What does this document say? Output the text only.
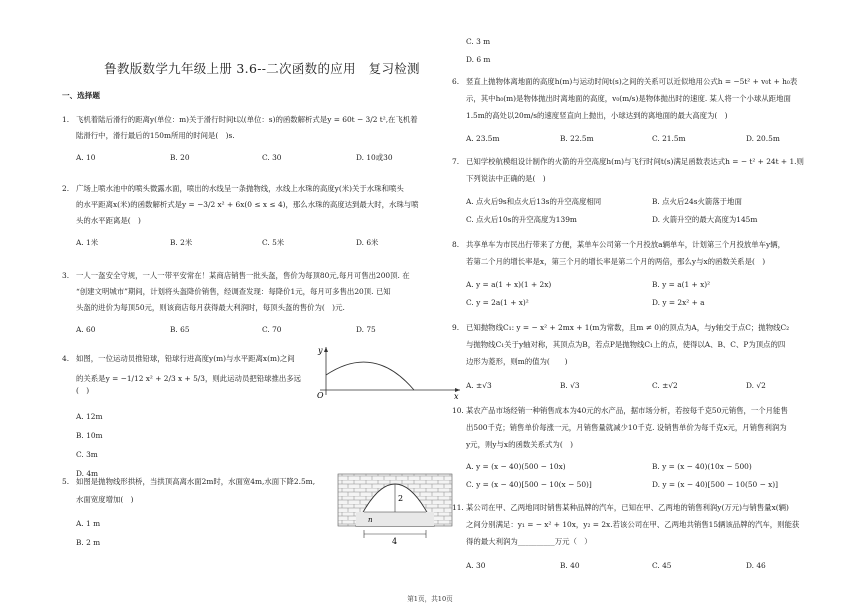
鲁教版数学九年级上册 3.6--二次函数的应用　复习检测
一、选择题
1. 飞机着陆后滑行的距离y(单位：m)关于滑行时间t以(单位：s)的函数解析式是y = 60t − 3/2 t²,在飞机着
陆滑行中，滑行最后的150m所用的时间是(　)s.
A. 10	B. 20	C. 30	D. 10或30
2. 广场上喷水池中的喷头微露水面，喷出的水线呈一条抛物线，水线上水珠的高度y(米)关于水珠和喷头
的水平距离x(米)的函数解析式是y = −3/2 x² + 6x(0 ≤ x ≤ 4)，那么水珠的高度达到最大时，水珠与喷
头的水平距离是(　)
A. 1米	B. 2米	C. 5米	D. 6米
3. 一人一盔安全守规，一人一带平安常在！某商店销售一批头盔，售价为每顶80元,每月可售出200顶. 在
“创建文明城市”期间，计划将头盔降价销售，经调查发现：每降价1元，每月可多售出20顶. 已知
头盔的进价为每顶50元，则该商店每月获得最大利润时，每顶头盔的售价为(　)元.
A. 60	B. 65	C. 70	D. 75
4. 如图，一位运动员推铅球，铅球行进高度y(m)与水平距离x(m)之间
的关系是y = −1/12 x² + 2/3 x + 5/3，则此运动员把铅球推出多远(　)
A. 12m
B. 10m
C. 3m
D. 4m
y
x
O
5. 如图是抛物线形拱桥，当拱顶高离水面2m时，水面宽4m,水面下降2.5m,
水面宽度增加(　)
A. 1 m
B. 2 m
2
n
4
C. 3 m
D. 6 m
6. 竖直上抛物体离地面的高度h(m)与运动时间t(s)之间的关系可以近似地用公式h = −5t² + v₀t + h₀表
示，其中h₀(m)是物体抛出时离地面的高度，v₀(m/s)是物体抛出时的速度. 某人将一个小球从距地面
1.5m的高处以20m/s的速度竖直向上抛出，小球达到的离地面的最大高度为(　)
A. 23.5m	B. 22.5m	C. 21.5m	D. 20.5m
7. 已知学校航模组设计制作的火箭的升空高度h(m)与飞行时间t(s)满足函数表达式h = − t² + 24t + 1.则
下列说法中正确的是(　)
A. 点火后9s和点火后13s的升空高度相同	B. 点火后24s火箭落于地面
C. 点火后10s的升空高度为139m	D. 火箭升空的最大高度为145m
8. 共享单车为市民出行带来了方便，某单车公司第一个月投放a辆单车，计划第三个月投放单车y辆，
若第二个月的增长率是x，第三个月的增长率是第二个月的两倍，那么y与x的函数关系是(　)
A. y = a(1 + x)(1 + 2x)	B. y = a(1 + x)²
C. y = 2a(1 + x)²	D. y = 2x² + a
9. 已知抛物线C₁: y = − x² + 2mx + 1(m为常数，且m ≠ 0)的顶点为A，与y轴交于点C；抛物线C₂
与抛物线C₁关于y轴对称，其顶点为B，若点P是抛物线C₁上的点，使得以A、B、C、P为顶点的四
边形为菱形，则m的值为(　　)
A. ±√3	B. √3	C. ±√2	D. √2
10. 某农产品市场经销一种销售成本为40元的水产品，据市场分析，若按每千克50元销售，一个月能售
出500千克；销售单价每涨一元，月销售量就减少10千克. 设销售单价为每千克x元，月销售利润为
y元，则y与x的函数关系式为(　)
A. y = (x − 40)(500 − 10x)	B. y = (x − 40)(10x − 500)
C. y = (x − 40)[500 − 10(x − 50)]	D. y = (x − 40)[500 − 10(50 − x)]
11. 某公司在甲、乙两地同时销售某种品牌的汽车，已知在甲、乙两地的销售利润y(万元)与销售量x(辆)
之间分别满足：y₁ = − x² + 10x，y₂ = 2x.若该公司在甲、乙两地共销售15辆该品牌的汽车，则能获
得的最大利润为__________万元（　）
A. 30	B. 40	C. 45	D. 46
第1页，共10页
